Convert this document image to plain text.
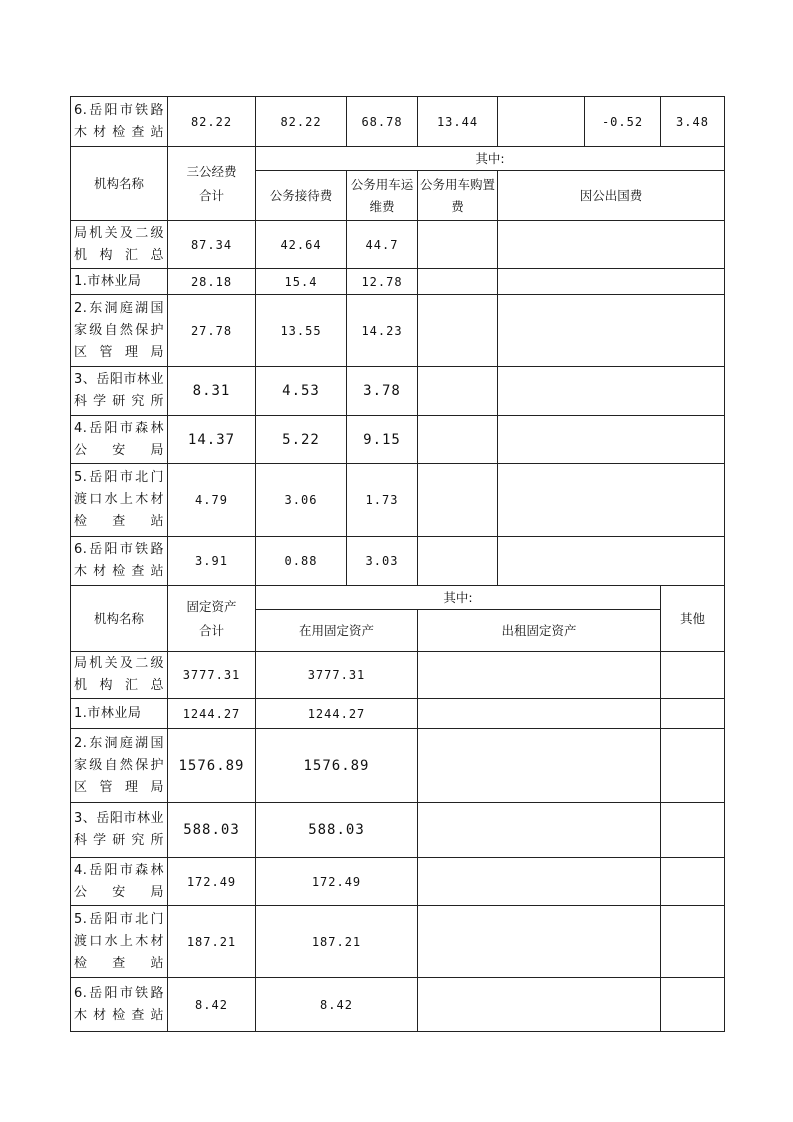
6.岳阳市铁路木材检查站	82.22	82.22	68.78	13.44		-0.52	3.48
机构名称	三公经费合计	其中:			
		公务接待费	公务用车运维费	公务用车购置费	因公出国费
局机关及二级机构汇总	87.34	42.64	44.7		
1.市林业局	28.18	15.4	12.78		
2.东洞庭湖国家级自然保护区管理局	27.78	13.55	14.23		
3、岳阳市林业科学研究所	8.31	4.53	3.78		
4.岳阳市森林公安局	14.37	5.22	9.15		
5.岳阳市北门渡口水上木材检查站	4.79	3.06	1.73		
6.岳阳市铁路木材检查站	3.91	0.88	3.03		
机构名称	固定资产合计	其中:		其他
		在用固定资产	出租固定资产	
局机关及二级机构汇总	3777.31	3777.31		
1.市林业局	1244.27	1244.27		
2.东洞庭湖国家级自然保护区管理局	1576.89	1576.89		
3、岳阳市林业科学研究所	588.03	588.03		
4.岳阳市森林公安局	172.49	172.49		
5.岳阳市北门渡口水上木材检查站	187.21	187.21		
6.岳阳市铁路木材检查站	8.42	8.42		
